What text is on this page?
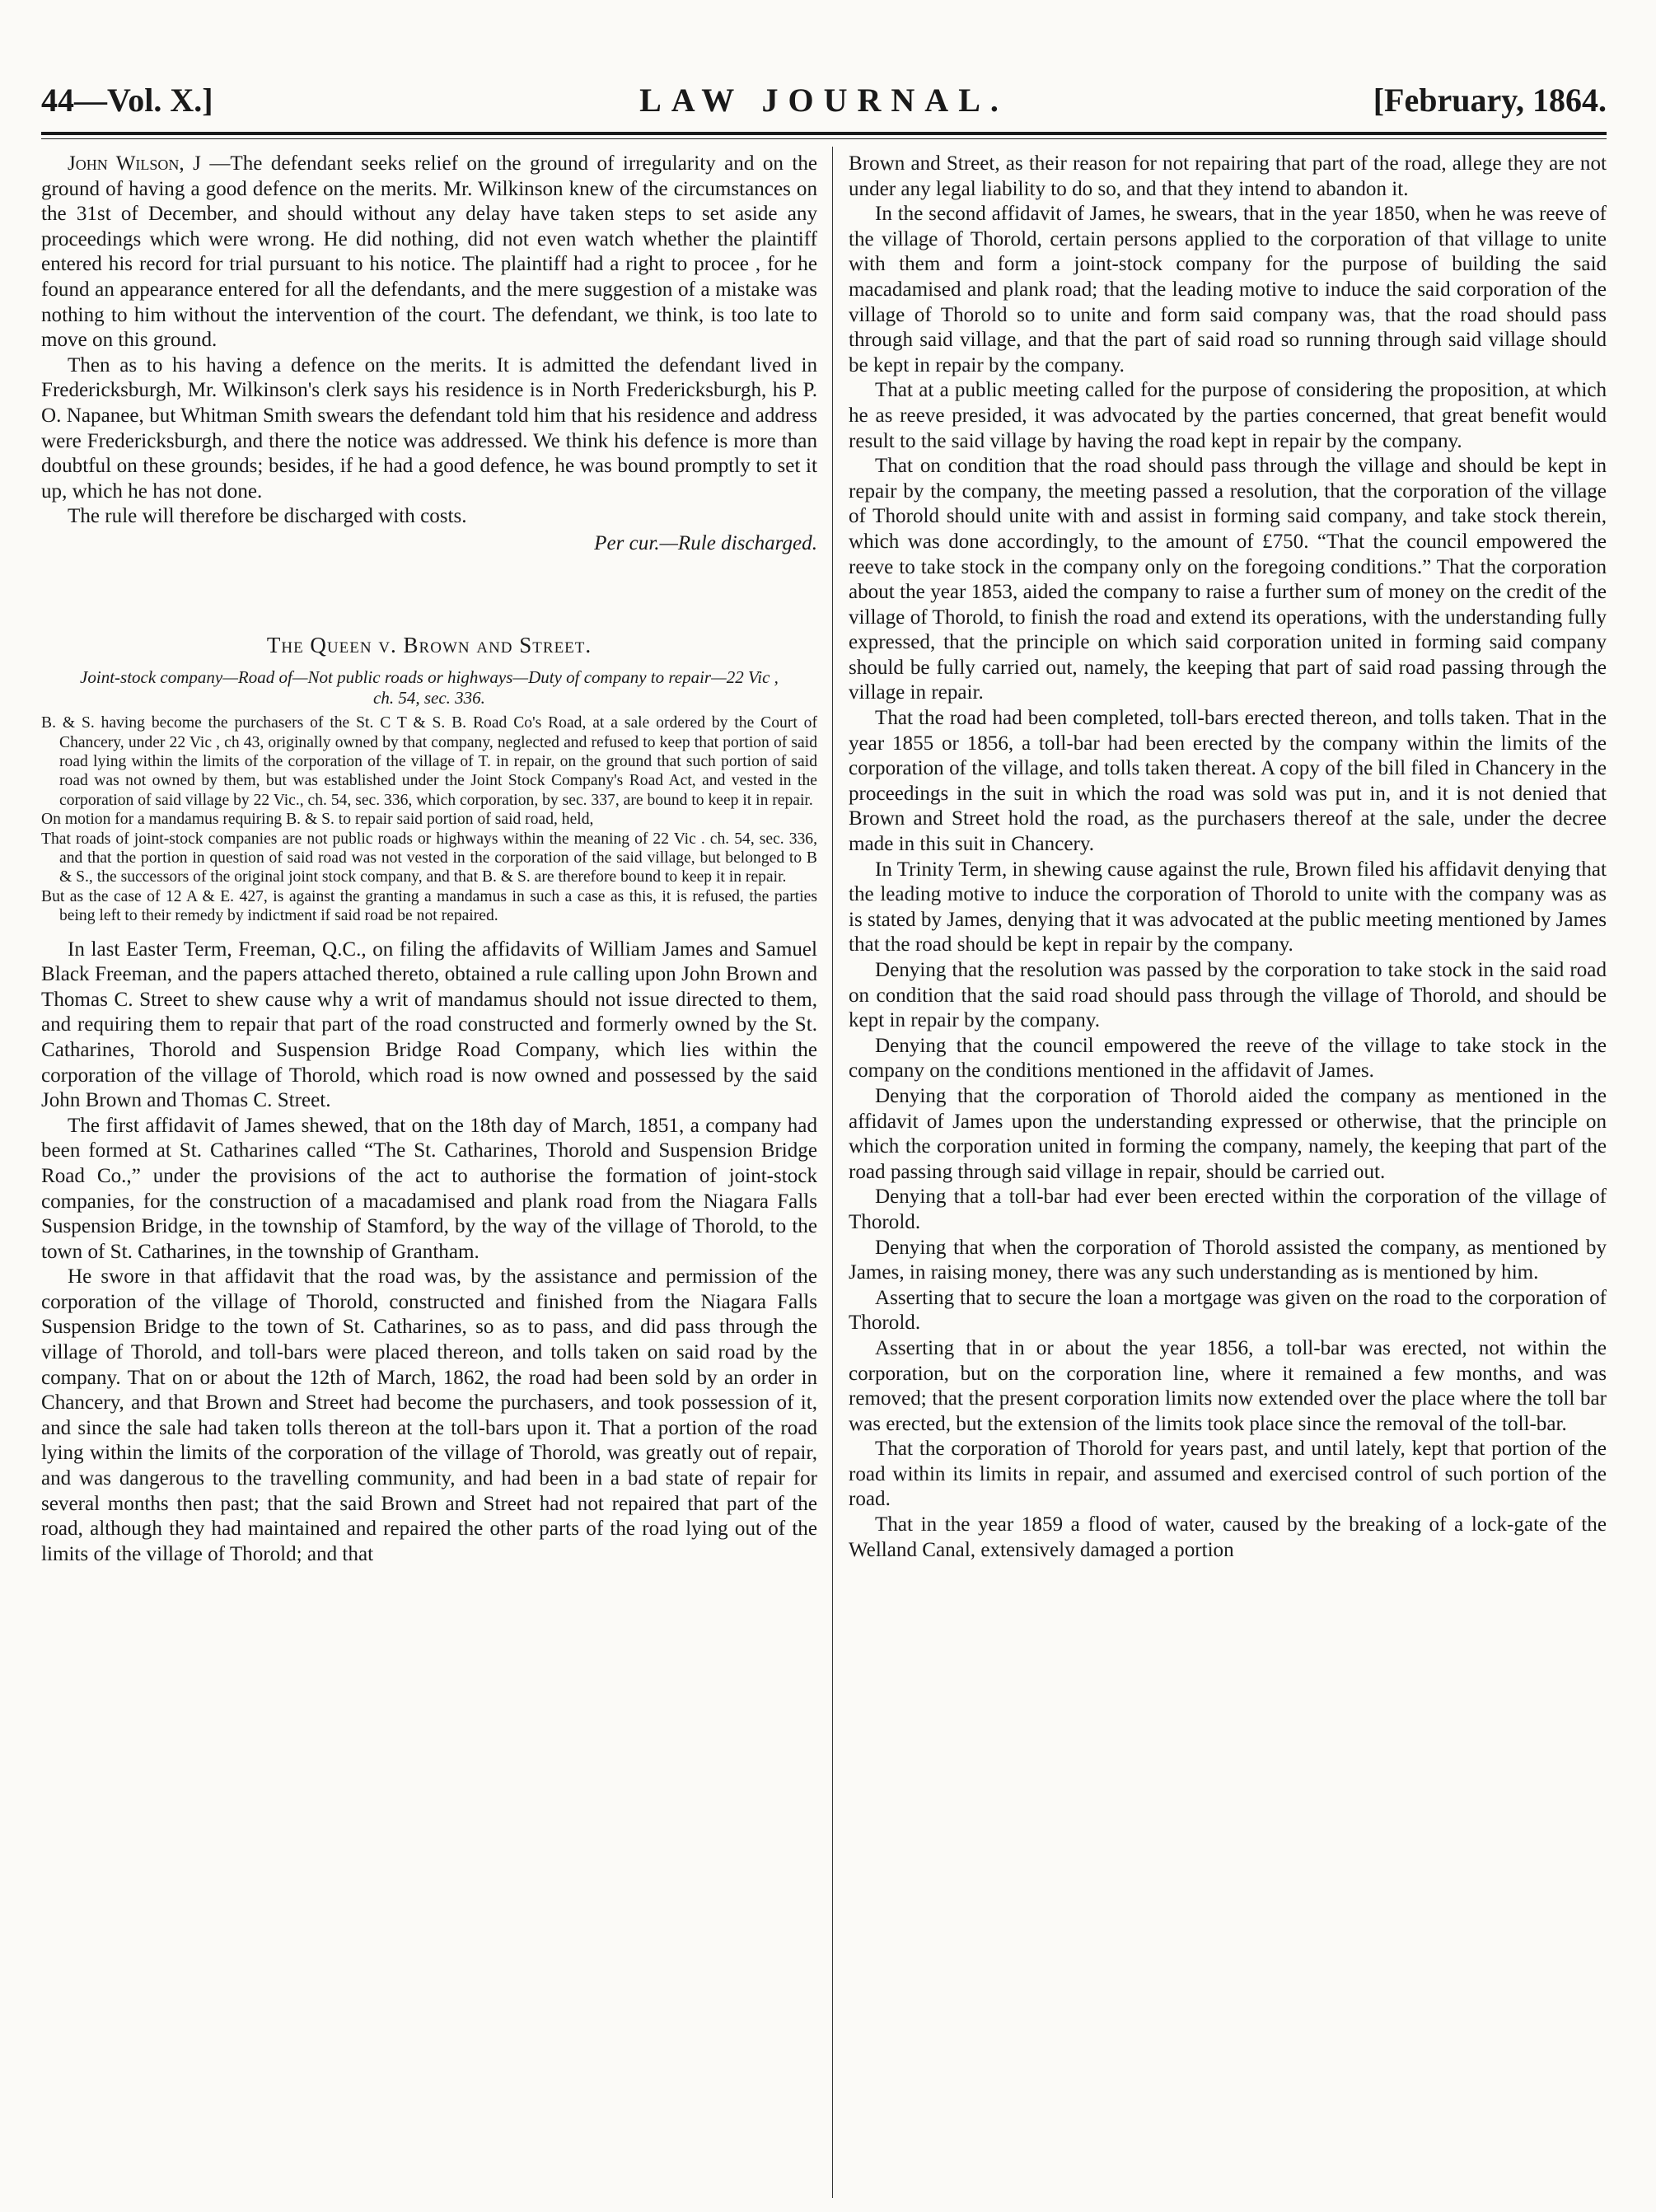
44—Vol. X.]	LAW JOURNAL.	[February, 1864.

John Wilson, J —The defendant seeks relief on the ground of irregularity and on the ground of having a good defence on the merits. Mr. Wilkinson knew of the circumstances on the 31st of December, and should without any delay have taken steps to set aside any proceedings which were wrong. He did nothing, did not even watch whether the plaintiff entered his record for trial pursuant to his notice. The plaintiff had a right to procee , for he found an appearance entered for all the defendants, and the mere suggestion of a mistake was nothing to him without the intervention of the court. The defendant, we think, is too late to move on this ground.

Then as to his having a defence on the merits. It is admitted the defendant lived in Fredericksburgh, Mr. Wilkinson's clerk says his residence is in North Fredericksburgh, his P. O. Napanee, but Whitman Smith swears the defendant told him that his residence and address were Fredericksburgh, and there the notice was addressed. We think his defence is more than doubtful on these grounds; besides, if he had a good defence, he was bound promptly to set it up, which he has not done.

The rule will therefore be discharged with costs.

Per cur.—Rule discharged.

The Queen v. Brown and Street.
Joint-stock company—Road of—Not public roads or highways—Duty of company to repair—22 Vic , ch. 54, sec. 336.

B. & S. having become the purchasers of the St. C T & S. B. Road Co's Road, at a sale ordered by the Court of Chancery, under 22 Vic , ch 43, originally owned by that company, neglected and refused to keep that portion of said road lying within the limits of the corporation of the village of T. in repair, on the ground that such portion of said road was not owned by them, but was established under the Joint Stock Company's Road Act, and vested in the corporation of said village by 22 Vic., ch. 54, sec. 336, which corporation, by sec. 337, are bound to keep it in repair.

On motion for a mandamus requiring B. & S. to repair said portion of said road, held,

That roads of joint-stock companies are not public roads or highways within the meaning of 22 Vic . ch. 54, sec. 336, and that the portion in question of said road was not vested in the corporation of the said village, but belonged to B & S., the successors of the original joint stock company, and that B. & S. are therefore bound to keep it in repair.

But as the case of 12 A & E. 427, is against the granting a mandamus in such a case as this, it is refused, the parties being left to their remedy by indictment if said road be not repaired.

In last Easter Term, Freeman, Q.C., on filing the affidavits of William James and Samuel Black Freeman, and the papers attached thereto, obtained a rule calling upon John Brown and Thomas C. Street to shew cause why a writ of mandamus should not issue directed to them, and requiring them to repair that part of the road constructed and formerly owned by the St. Catharines, Thorold and Suspension Bridge Road Company, which lies within the corporation of the village of Thorold, which road is now owned and possessed by the said John Brown and Thomas C. Street.

The first affidavit of James shewed, that on the 18th day of March, 1851, a company had been formed at St. Catharines called “The St. Catharines, Thorold and Suspension Bridge Road Co.,” under the provisions of the act to authorise the formation of joint-stock companies, for the construction of a macadamised and plank road from the Niagara Falls Suspension Bridge, in the township of Stamford, by the way of the village of Thorold, to the town of St. Catharines, in the township of Grantham.

He swore in that affidavit that the road was, by the assistance and permission of the corporation of the village of Thorold, constructed and finished from the Niagara Falls Suspension Bridge to the town of St. Catharines, so as to pass, and did pass through the village of Thorold, and toll-bars were placed thereon, and tolls taken on said road by the company. That on or about the 12th of March, 1862, the road had been sold by an order in Chancery, and that Brown and Street had become the purchasers, and took possession of it, and since the sale had taken tolls thereon at the toll-bars upon it. That a portion of the road lying within the limits of the corporation of the village of Thorold, was greatly out of repair, and was dangerous to the travelling community, and had been in a bad state of repair for several months then past; that the said Brown and Street had not repaired that part of the road, although they had maintained and repaired the other parts of the road lying out of the limits of the village of Thorold; and that

Brown and Street, as their reason for not repairing that part of the road, allege they are not under any legal liability to do so, and that they intend to abandon it.

In the second affidavit of James, he swears, that in the year 1850, when he was reeve of the village of Thorold, certain persons applied to the corporation of that village to unite with them and form a joint-stock company for the purpose of building the said macadamised and plank road; that the leading motive to induce the said corporation of the village of Thorold so to unite and form said company was, that the road should pass through said village, and that the part of said road so running through said village should be kept in repair by the company.

That at a public meeting called for the purpose of considering the proposition, at which he as reeve presided, it was advocated by the parties concerned, that great benefit would result to the said village by having the road kept in repair by the company.

That on condition that the road should pass through the village and should be kept in repair by the company, the meeting passed a resolution, that the corporation of the village of Thorold should unite with and assist in forming said company, and take stock therein, which was done accordingly, to the amount of £750. “That the council empowered the reeve to take stock in the company only on the foregoing conditions.” That the corporation about the year 1853, aided the company to raise a further sum of money on the credit of the village of Thorold, to finish the road and extend its operations, with the understanding fully expressed, that the principle on which said corporation united in forming said company should be fully carried out, namely, the keeping that part of said road passing through the village in repair.

That the road had been completed, toll-bars erected thereon, and tolls taken. That in the year 1855 or 1856, a toll-bar had been erected by the company within the limits of the corporation of the village, and tolls taken thereat. A copy of the bill filed in Chancery in the proceedings in the suit in which the road was sold was put in, and it is not denied that Brown and Street hold the road, as the purchasers thereof at the sale, under the decree made in this suit in Chancery.

In Trinity Term, in shewing cause against the rule, Brown filed his affidavit denying that the leading motive to induce the corporation of Thorold to unite with the company was as is stated by James, denying that it was advocated at the public meeting mentioned by James that the road should be kept in repair by the company.

Denying that the resolution was passed by the corporation to take stock in the said road on condition that the said road should pass through the village of Thorold, and should be kept in repair by the company.

Denying that the council empowered the reeve of the village to take stock in the company on the conditions mentioned in the affidavit of James.

Denying that the corporation of Thorold aided the company as mentioned in the affidavit of James upon the understanding expressed or otherwise, that the principle on which the corporation united in forming the company, namely, the keeping that part of the road passing through said village in repair, should be carried out.

Denying that a toll-bar had ever been erected within the corporation of the village of Thorold.

Denying that when the corporation of Thorold assisted the company, as mentioned by James, in raising money, there was any such understanding as is mentioned by him.

Asserting that to secure the loan a mortgage was given on the road to the corporation of Thorold.

Asserting that in or about the year 1856, a toll-bar was erected, not within the corporation, but on the corporation line, where it remained a few months, and was removed; that the present corporation limits now extended over the place where the toll bar was erected, but the extension of the limits took place since the removal of the toll-bar.

That the corporation of Thorold for years past, and until lately, kept that portion of the road within its limits in repair, and assumed and exercised control of such portion of the road.

That in the year 1859 a flood of water, caused by the breaking of a lock-gate of the Welland Canal, extensively damaged a portion
